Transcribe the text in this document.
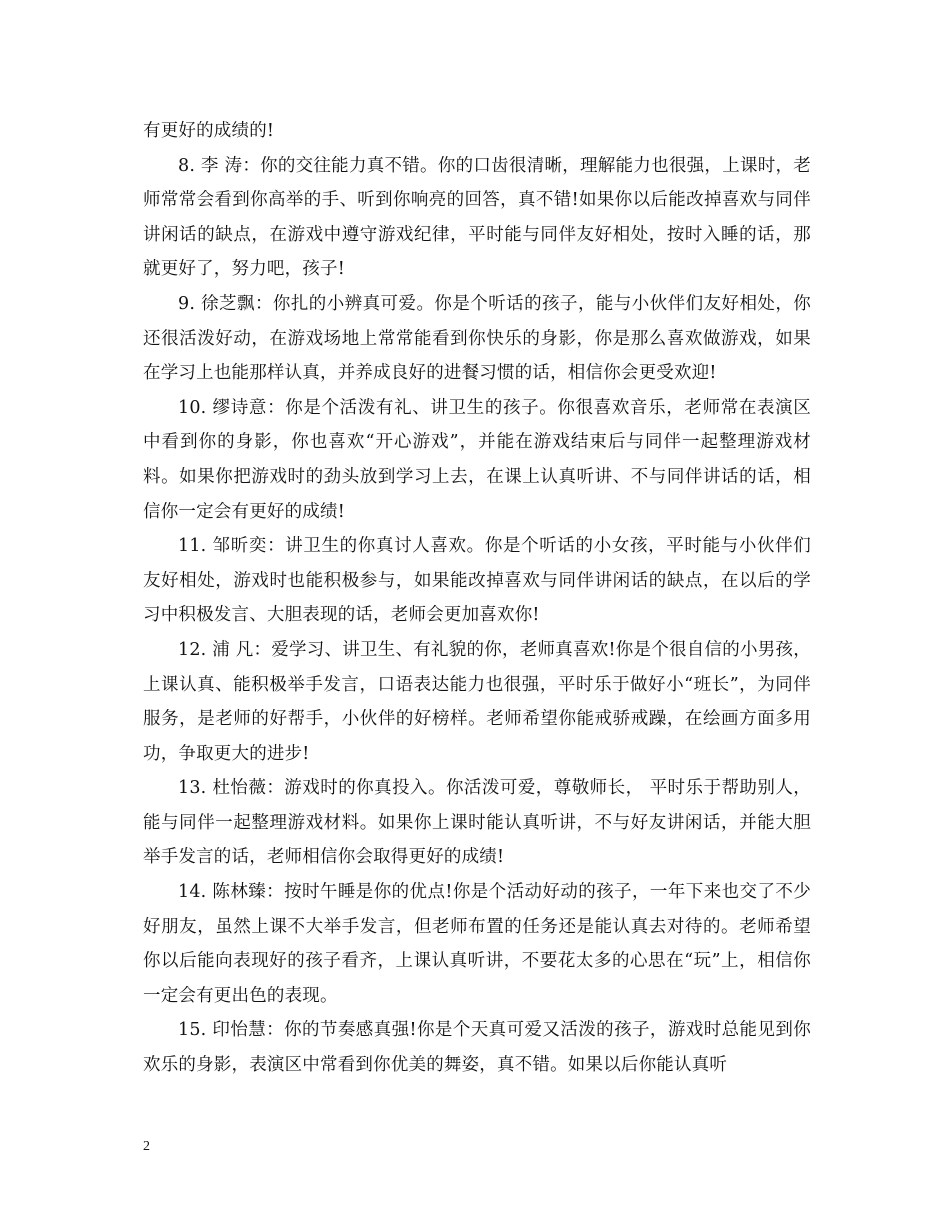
有更好的成绩的!

8. 李 涛：你的交往能力真不错。你的口齿很清晰，理解能力也很强，上课时，老师常常会看到你高举的手、听到你响亮的回答，真不错!如果你以后能改掉喜欢与同伴讲闲话的缺点，在游戏中遵守游戏纪律，平时能与同伴友好相处，按时入睡的话，那就更好了，努力吧，孩子!

9. 徐芝飘：你扎的小辨真可爱。你是个听话的孩子，能与小伙伴们友好相处，你还很活泼好动，在游戏场地上常常能看到你快乐的身影，你是那么喜欢做游戏，如果在学习上也能那样认真，并养成良好的进餐习惯的话，相信你会更受欢迎!

10. 缪诗意：你是个活泼有礼、讲卫生的孩子。你很喜欢音乐，老师常在表演区中看到你的身影，你也喜欢“开心游戏”，并能在游戏结束后与同伴一起整理游戏材料。如果你把游戏时的劲头放到学习上去，在课上认真听讲、不与同伴讲话的话，相信你一定会有更好的成绩!

11. 邹昕奕：讲卫生的你真讨人喜欢。你是个听话的小女孩，平时能与小伙伴们友好相处，游戏时也能积极参与，如果能改掉喜欢与同伴讲闲话的缺点，在以后的学习中积极发言、大胆表现的话，老师会更加喜欢你!

12. 浦 凡：爱学习、讲卫生、有礼貌的你，老师真喜欢!你是个很自信的小男孩，上课认真、能积极举手发言，口语表达能力也很强，平时乐于做好小“班长”，为同伴服务，是老师的好帮手，小伙伴的好榜样。老师希望你能戒骄戒躁，在绘画方面多用功，争取更大的进步!

13. 杜怡薇：游戏时的你真投入。你活泼可爱，尊敬师长， 平时乐于帮助别人，能与同伴一起整理游戏材料。如果你上课时能认真听讲，不与好友讲闲话，并能大胆举手发言的话，老师相信你会取得更好的成绩!

14. 陈林臻：按时午睡是你的优点!你是个活动好动的孩子，一年下来也交了不少好朋友，虽然上课不大举手发言，但老师布置的任务还是能认真去对待的。老师希望你以后能向表现好的孩子看齐，上课认真听讲，不要花太多的心思在“玩”上，相信你一定会有更出色的表现。

15. 印怡慧：你的节奏感真强!你是个天真可爱又活泼的孩子，游戏时总能见到你欢乐的身影，表演区中常看到你优美的舞姿，真不错。如果以后你能认真听

2
